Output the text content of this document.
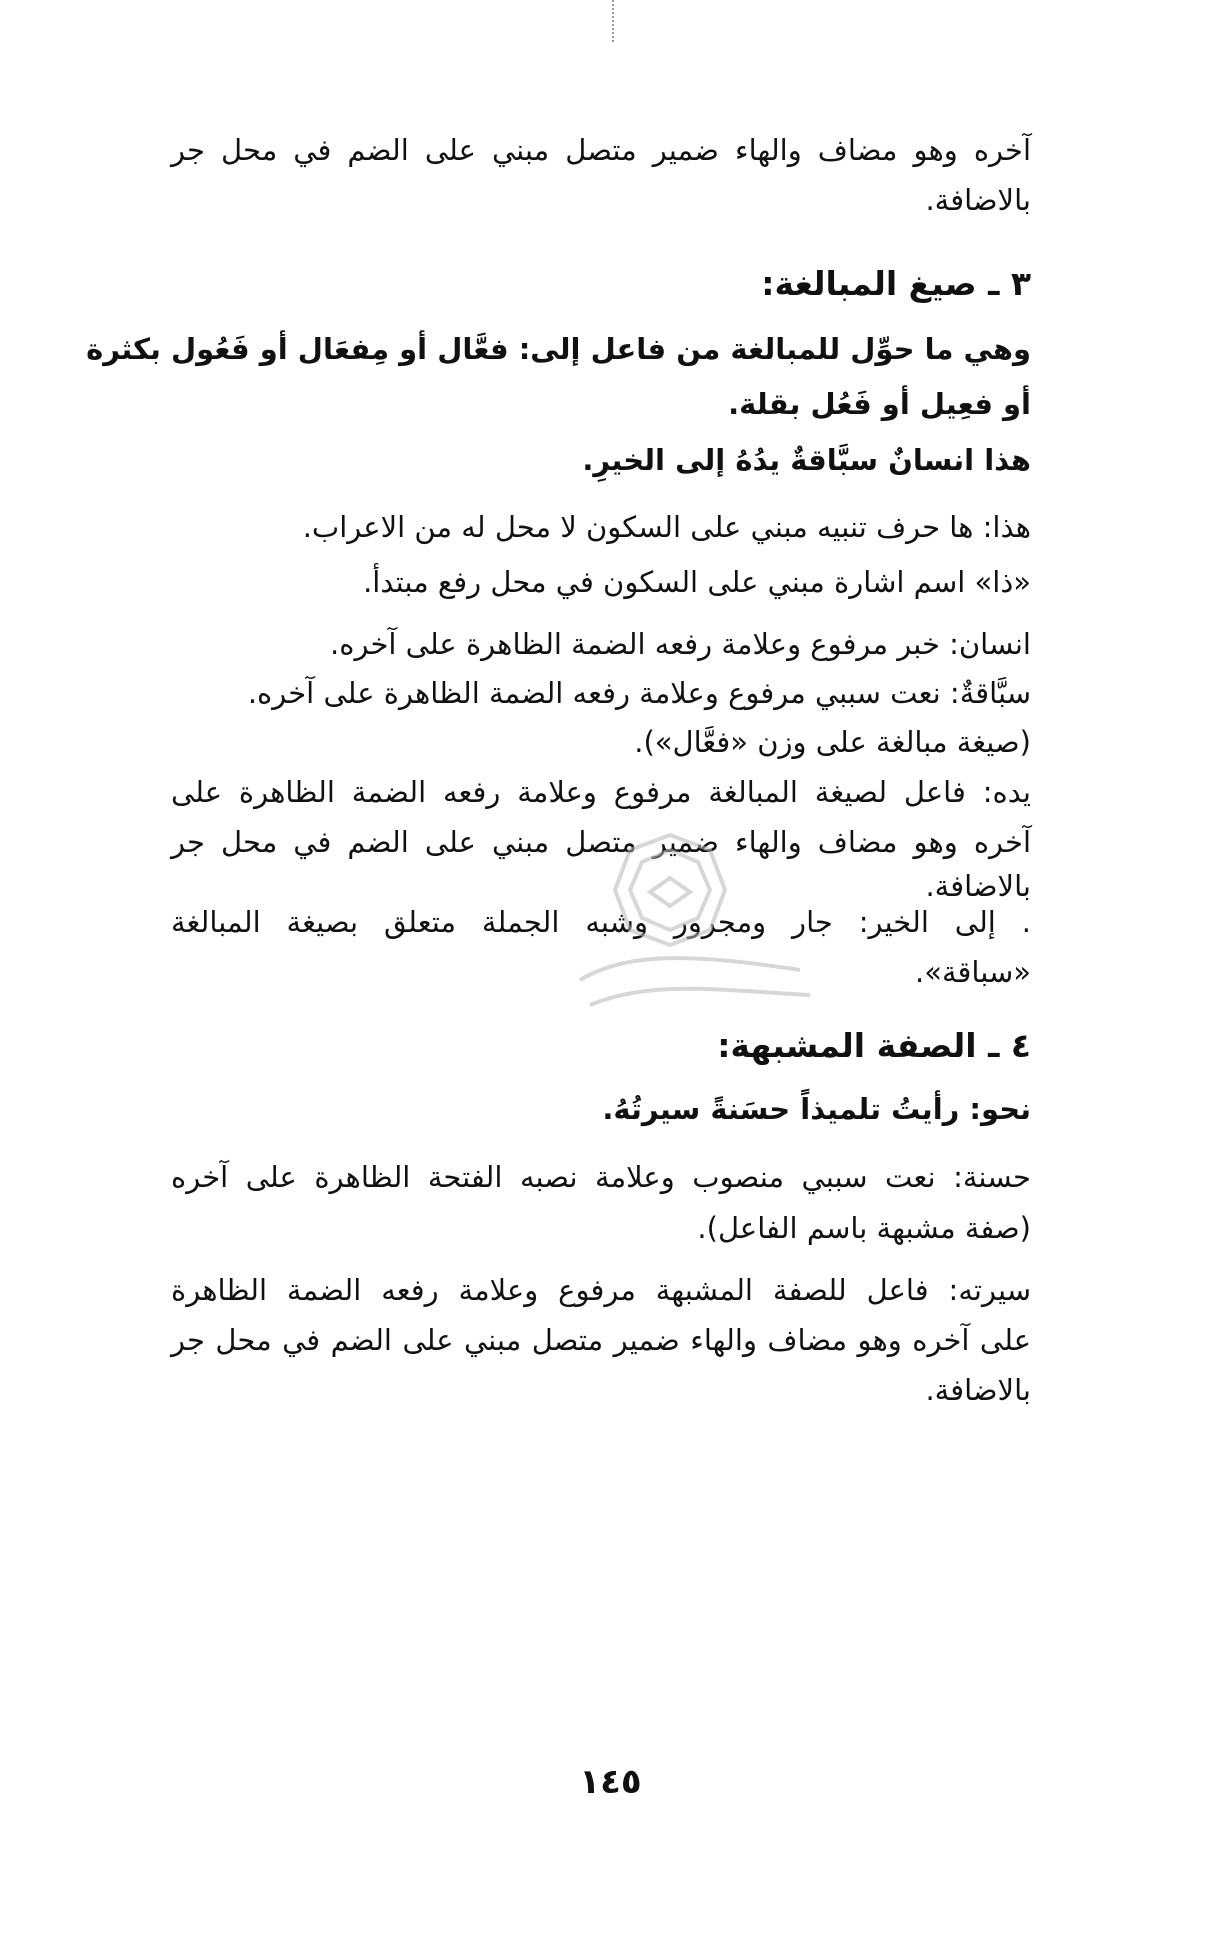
آخره وهو مضاف والهاء ضمير متصل مبني على الضم في محل جر
بالاضافة.
٣ ـ صيغ المبالغة:
وهي ما حوِّل للمبالغة من فاعل إلى: فعَّال أو مِفعَال أو فَعُول بكثرة
أو فعِيل أو فَعُل بقلة.
هذا انسانٌ سبَّاقةٌ يدُهُ إلى الخيرِ.
هذا: ها حرف تنبيه مبني على السكون لا محل له من الاعراب.
«ذا» اسم اشارة مبني على السكون في محل رفع مبتدأ.
انسان: خبر مرفوع وعلامة رفعه الضمة الظاهرة على آخره.
سبَّاقةٌ: نعت سببي مرفوع وعلامة رفعه الضمة الظاهرة على آخره.
(صيغة مبالغة على وزن «فعَّال»).
يده: فاعل لصيغة المبالغة مرفوع وعلامة رفعه الضمة الظاهرة على
آخره وهو مضاف والهاء ضمير متصل مبني على الضم في محل جر
بالاضافة.
. إلى الخير: جار ومجرور وشبه الجملة متعلق بصيغة المبالغة
«سباقة».
٤ ـ الصفة المشبهة:
نحو: رأيتُ تلميذاً حسَنةً سيرتُهُ.
حسنة: نعت سببي منصوب وعلامة نصبه الفتحة الظاهرة على آخره
(صفة مشبهة باسم الفاعل).
سيرته: فاعل للصفة المشبهة مرفوع وعلامة رفعه الضمة الظاهرة
على آخره وهو مضاف والهاء ضمير متصل مبني على الضم في محل جر
بالاضافة.
١٤٥
